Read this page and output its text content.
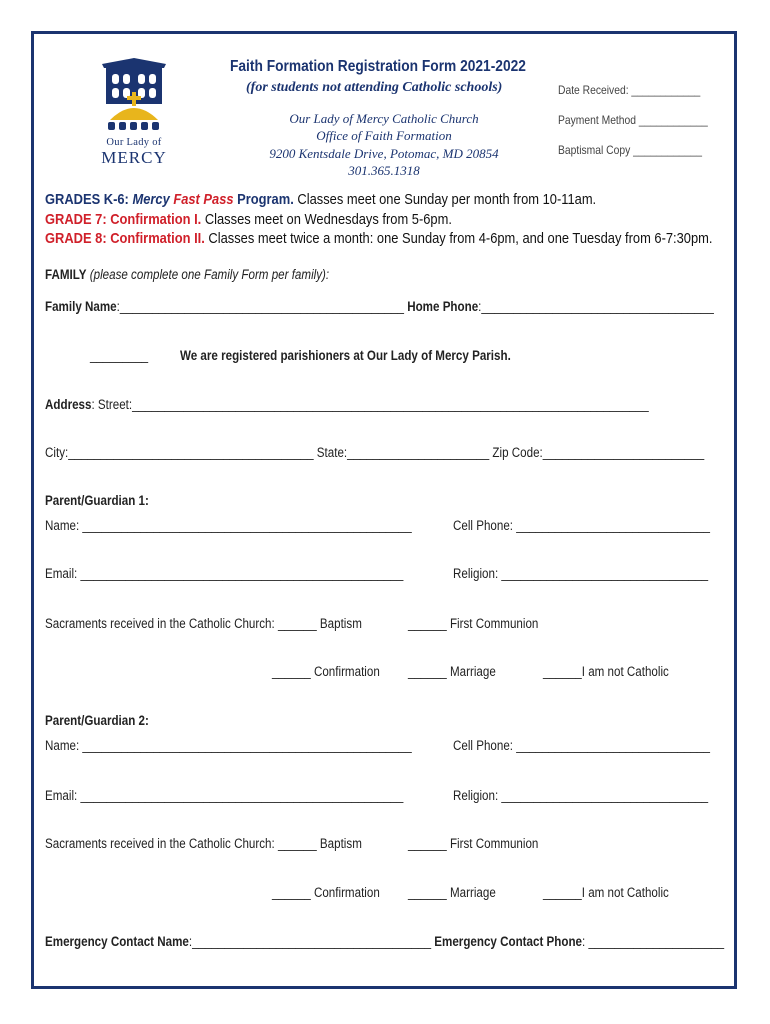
Our Lady of
MERCY
Faith Formation Registration Form 2021-2022
(for students not attending Catholic schools)
Our Lady of Mercy Catholic Church
Office of Faith Formation
9200 Kentsdale Drive, Potomac, MD 20854
301.365.1318
Date Received: ____________
Payment Method ____________
Baptismal Copy ____________
GRADES K-6: Mercy Fast Pass Program. Classes meet one Sunday per month from 10-11am.
GRADE 7: Confirmation I. Classes meet on Wednesdays from 5-6pm.
GRADE 8: Confirmation II. Classes meet twice a month: one Sunday from 4-6pm, and one Tuesday from 6-7:30pm.
FAMILY (please complete one Family Form per family):
Family Name:____________________________________________ Home Phone:____________________________________
_________ We are registered parishioners at Our Lady of Mercy Parish.
Address: Street:________________________________________________________________________________
City:______________________________________ State:______________________ Zip Code:_________________________
Parent/Guardian 1:
Name: ___________________________________________________	Cell Phone: ______________________________
Email: __________________________________________________	Religion: ________________________________
Sacraments received in the Catholic Church: ______ Baptism	______ First Communion
______ Confirmation ______ Marriage	______I am not Catholic
Parent/Guardian 2:
Name: ___________________________________________________	Cell Phone: ______________________________
Email: __________________________________________________	Religion: ________________________________
Sacraments received in the Catholic Church: ______ Baptism	______ First Communion
______ Confirmation ______ Marriage	______I am not Catholic
Emergency Contact Name:_____________________________________ Emergency Contact Phone: _____________________
